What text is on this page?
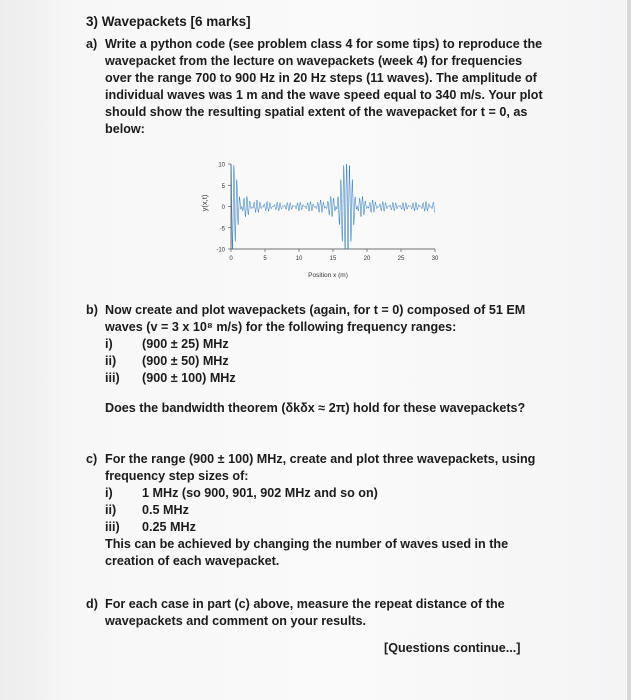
3) Wavepackets [6 marks]
a) Write a python code (see problem class 4 for some tips) to reproduce the

wavepacket from the lecture on wavepackets (week 4) for frequencies

over the range 700 to 900 Hz in 20 Hz steps (11 waves). The amplitude of

individual waves was 1 m and the wave speed equal to 340 m/s. Your plot

should show the resulting spatial extent of the wavepacket for t = 0, as

below:

y(x,t)
Position x (m)
10
5
0
-5
-10
0	5	10	15	20	25	30
b) Now create and plot wavepackets (again, for t = 0) composed of 51 EM

waves (v = 3 x 10⁸ m/s) for the following frequency ranges:

i) (900 ± 25) MHz
ii) (900 ± 50) MHz
iii) (900 ± 100) MHz

Does the bandwidth theorem (δkδx ≈ 2π) hold for these wavepackets?

c) For the range (900 ± 100) MHz, create and plot three wavepackets, using

frequency step sizes of:

i) 1 MHz (so 900, 901, 902 MHz and so on)
ii) 0.5 MHz
iii) 0.25 MHz

This can be achieved by changing the number of waves used in the

creation of each wavepacket.

d) For each case in part (c) above, measure the repeat distance of the

wavepackets and comment on your results.

[Questions continue...]
